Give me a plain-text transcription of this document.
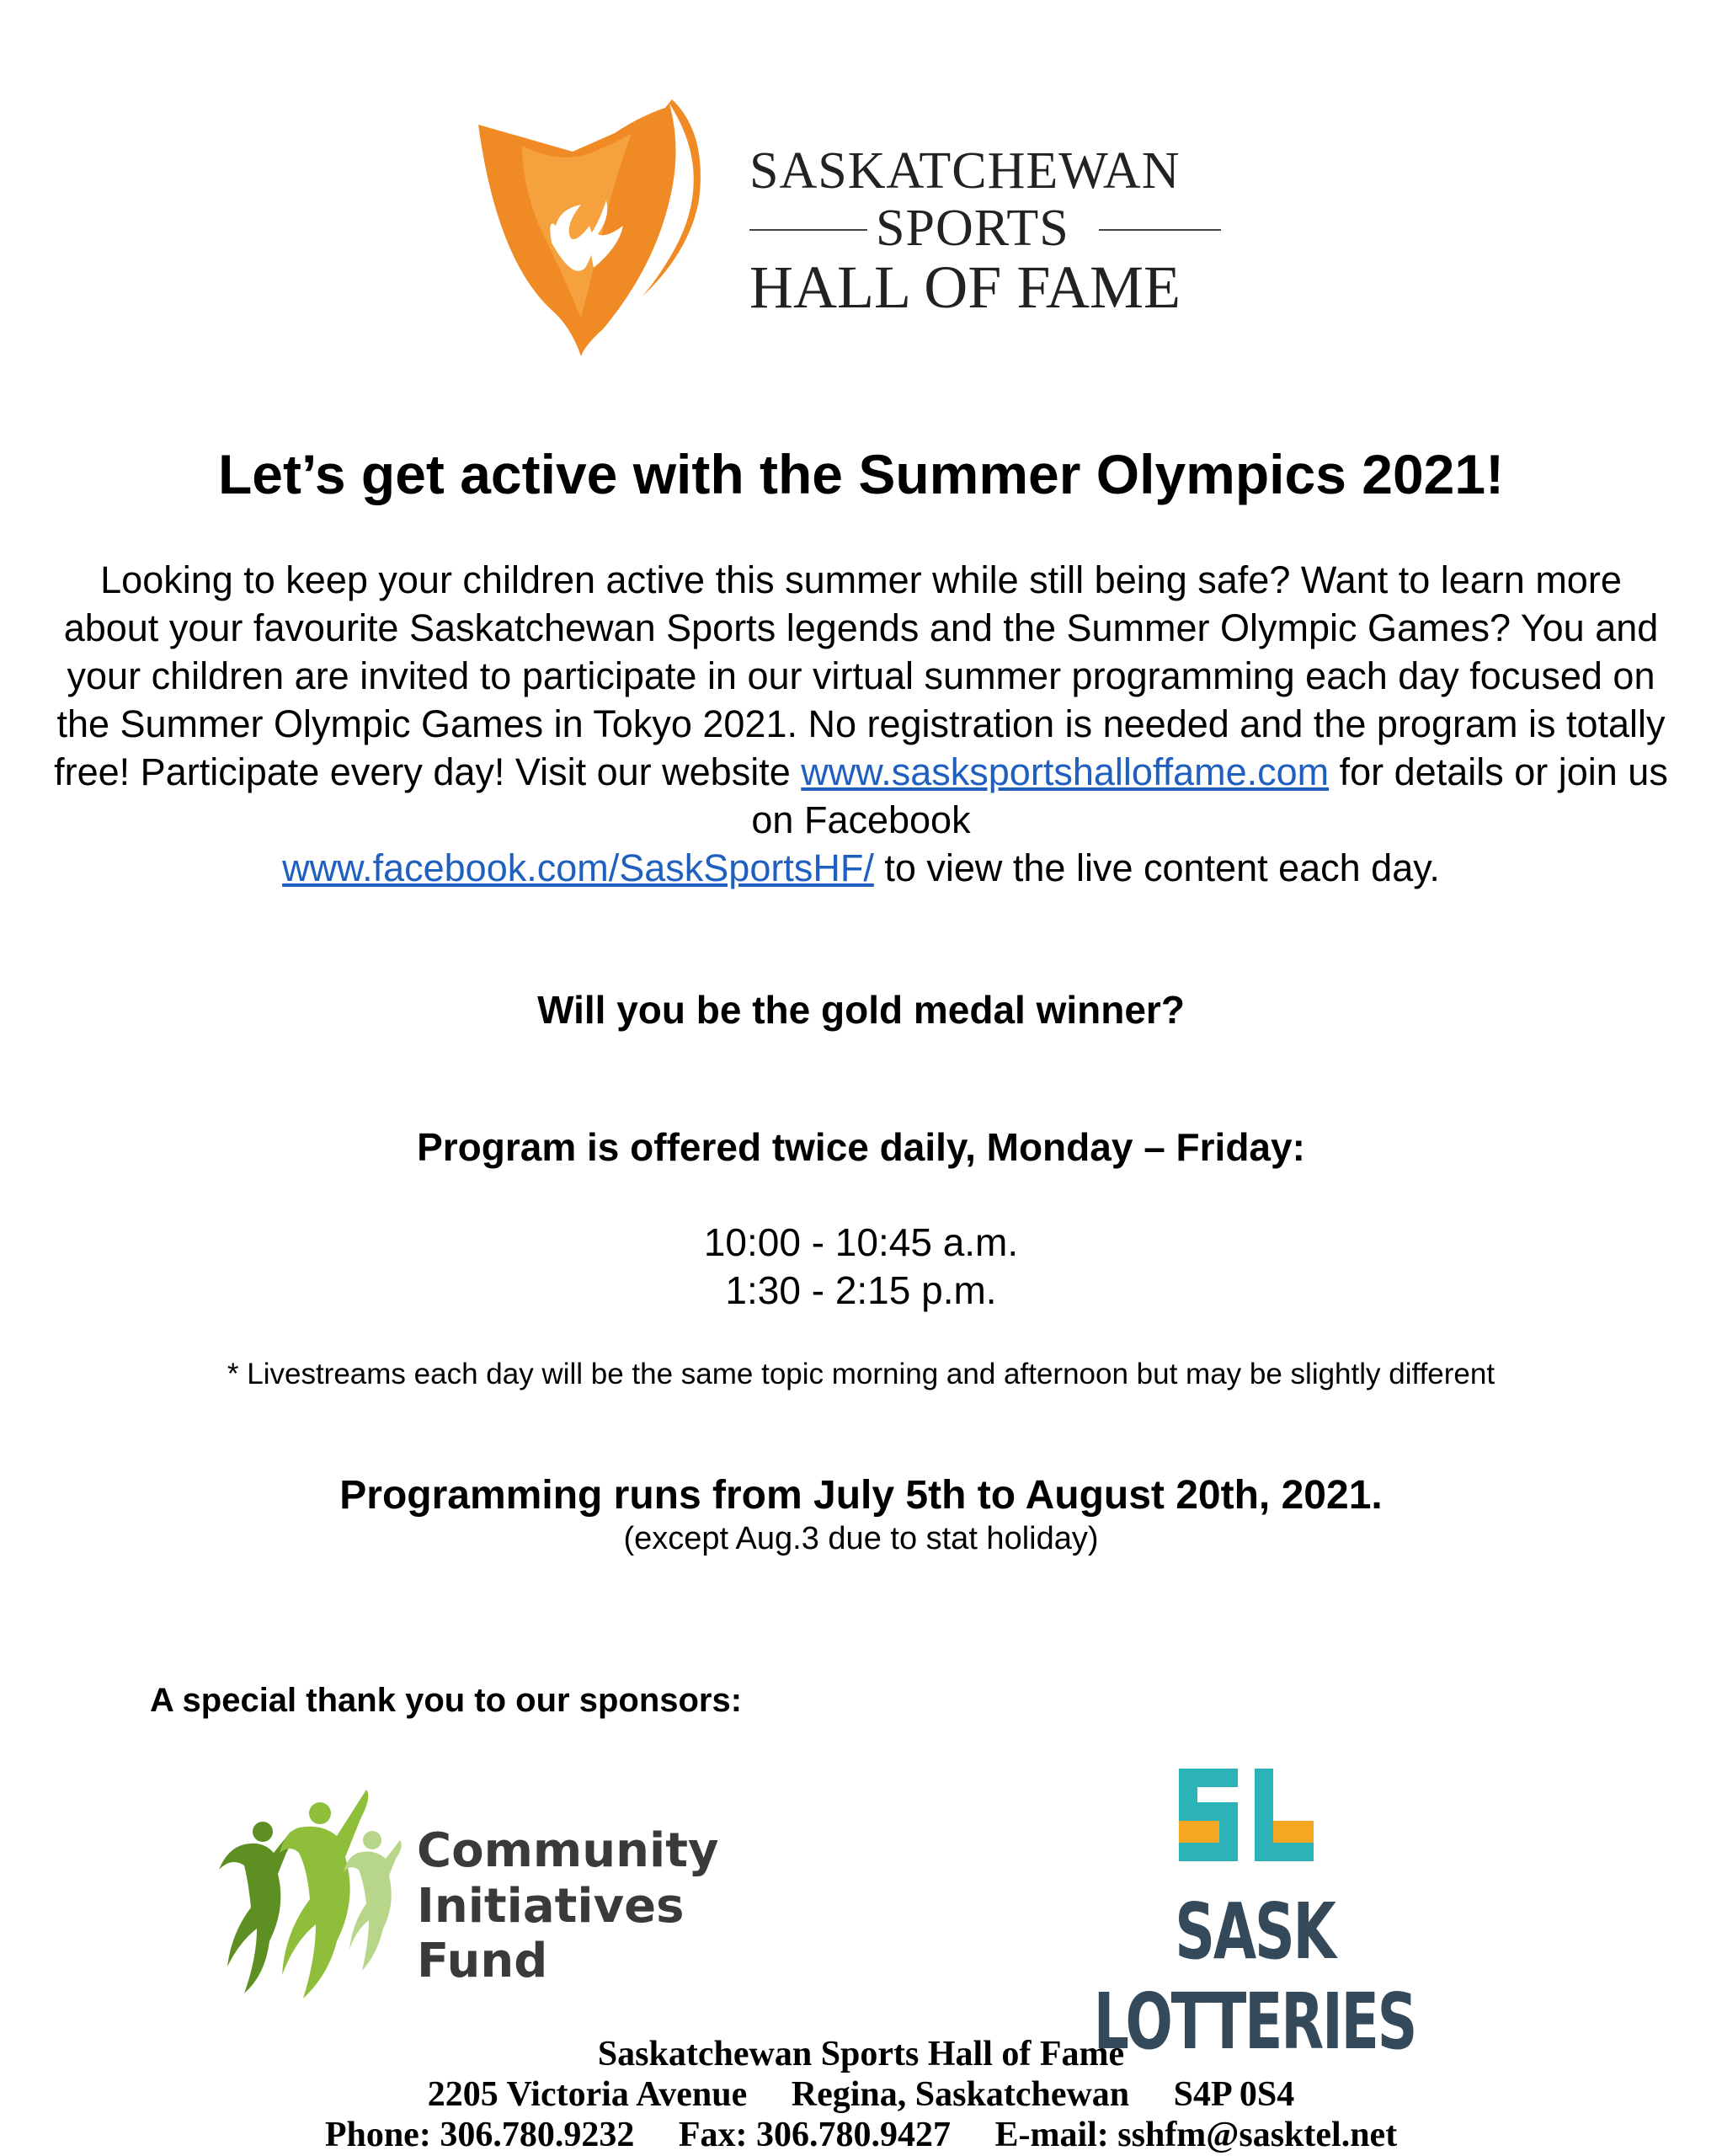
SASKATCHEWAN
SPORTS
HALL OF FAME
Let’s get active with the Summer Olympics 2021!
Looking to keep your children active this summer while still being safe? Want to learn more about your favourite Saskatchewan Sports legends and the Summer Olympic Games? You and your children are invited to participate in our virtual summer programming each day focused on the Summer Olympic Games in Tokyo 2021. No registration is needed and the program is totally free! Participate every day! Visit our website www.sasksportshalloffame.com for details or join us on Facebook
www.facebook.com/SaskSportsHF/ to view the live content each day.
Will you be the gold medal winner?
Program is offered twice daily, Monday – Friday:
10:00 - 10:45 a.m.
1:30 - 2:15 p.m.
* Livestreams each day will be the same topic morning and afternoon but may be slightly different
Programming runs from July 5th to August 20th, 2021.
(except Aug.3 due to stat holiday)
A special thank you to our sponsors:
Community
Initiatives Fund	SASK LOTTERIES
Saskatchewan Sports Hall of Fame
2205 Victoria Avenue     Regina, Saskatchewan     S4P 0S4
Phone: 306.780.9232     Fax: 306.780.9427     E-mail: sshfm@sasktel.net
